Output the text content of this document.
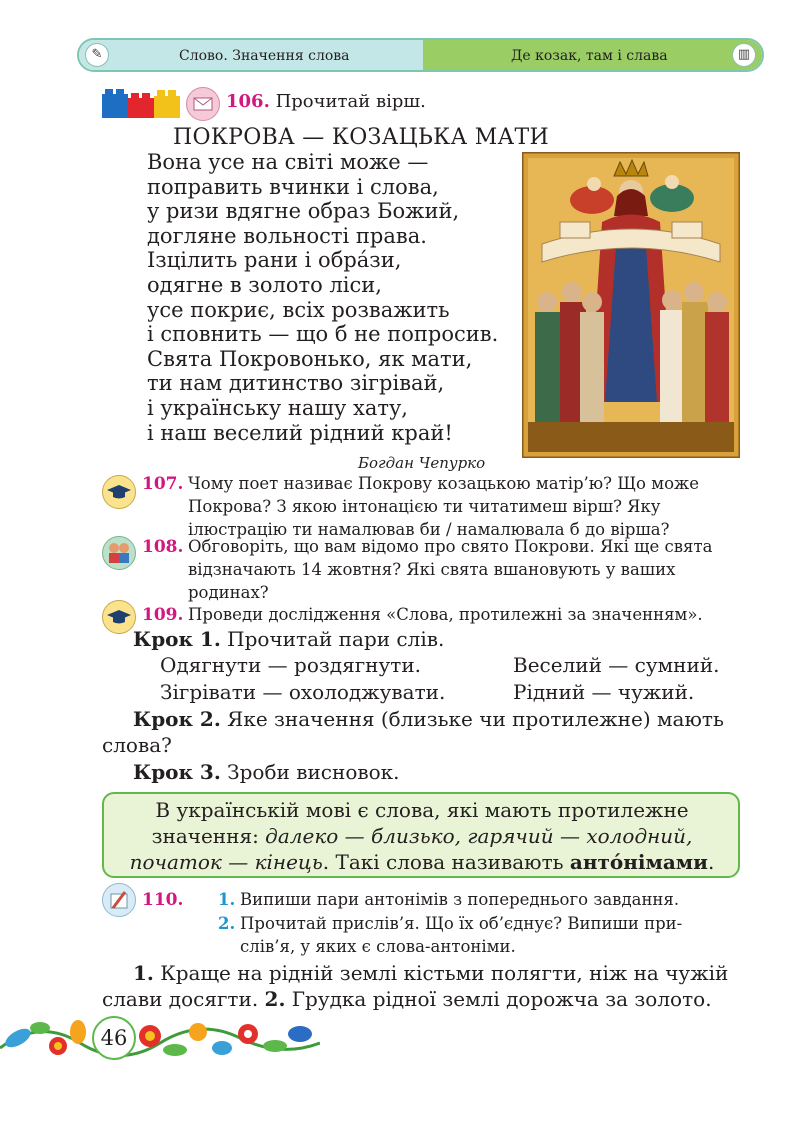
✎	Слово. Значення слова	Де козак, там і слава	▥
106. Прочитай вірш.
ПОКРОВА — КОЗАЦЬКА МАТИ
Вона усе на світі може —
поправить вчинки і слова,
у ризи вдягне образ Божий,
догляне вольності права.
Ізцілить рани і обрáзи,
одягне в золото ліси,
усе покриє, всіх розважить
і сповнить — що б не попросив.
Свята Покровонько, як мати,
ти нам дитинство зігрівай,
і українську нашу хату,
і наш веселий рідний край!
Богдан Чепурко
107. Чому поет називає Покрову козацькою матір’ю? Що може
Покрова? З якою інтонацією ти читатимеш вірш? Яку
ілюстрацію ти намалював би / намалювала б до вірша?
108. Обговоріть, що вам відомо про свято Покрови. Які ще свята
відзначають 14 жовтня? Які свята вшановують у ваших
родинах?
109. Проведи дослідження «Слова, протилежні за значенням».
Крок 1. Прочитай пари слів.
Одягнути — роздягнути.	Веселий — сумний.
Зігрівати — охолоджувати.	Рідний — чужий.
Крок 2. Яке значення (близьке чи протилежне) мають
слова?
Крок 3. Зроби висновок.
В українській мові є слова, які мають протилежне
значення: далеко — близько, гарячий — холодний,
початок — кінець. Такі слова називають антóнімами.
110. 1. Випиши пари антонімів з попереднього завдання.
2. Прочитай прислів’я. Що їх об’єднує? Випиши при-
слів’я, у яких є слова-антоніми.
1. Краще на рідній землі кістьми полягти, ніж на чужій
слави досягти. 2. Грудка рідної землі дорожча за золото.
46
